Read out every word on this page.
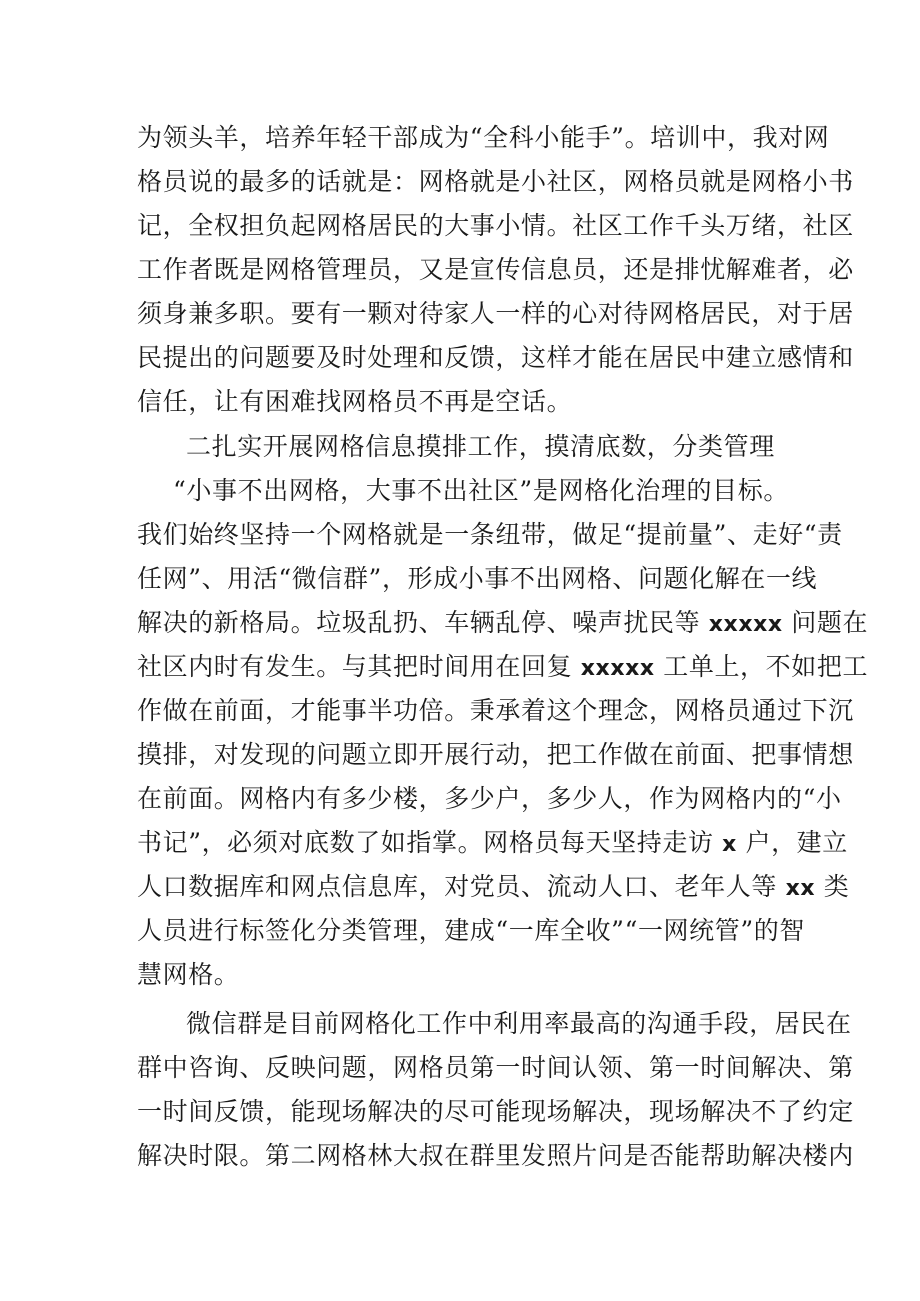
为领头羊，培养年轻干部成为“全科小能手”。培训中，我对网
格员说的最多的话就是：网格就是小社区，网格员就是网格小书
记，全权担负起网格居民的大事小情。社区工作千头万绪，社区
工作者既是网格管理员，又是宣传信息员，还是排忧解难者，必
须身兼多职。要有一颗对待家人一样的心对待网格居民，对于居
民提出的问题要及时处理和反馈，这样才能在居民中建立感情和
信任，让有困难找网格员不再是空话。
二扎实开展网格信息摸排工作，摸清底数，分类管理
“小事不出网格，大事不出社区”是网格化治理的目标。
我们始终坚持一个网格就是一条纽带，做足“提前量”、走好“责
任网”、用活“微信群”，形成小事不出网格、问题化解在一线
解决的新格局。垃圾乱扔、车辆乱停、噪声扰民等 xxxxx 问题在
社区内时有发生。与其把时间用在回复 xxxxx 工单上，不如把工
作做在前面，才能事半功倍。秉承着这个理念，网格员通过下沉
摸排，对发现的问题立即开展行动，把工作做在前面、把事情想
在前面。网格内有多少楼，多少户，多少人，作为网格内的“小
书记”，必须对底数了如指掌。网格员每天坚持走访 x 户，建立
人口数据库和网点信息库，对党员、流动人口、老年人等 xx 类
人员进行标签化分类管理，建成“一库全收”“一网统管”的智
慧网格。
微信群是目前网格化工作中利用率最高的沟通手段，居民在
群中咨询、反映问题，网格员第一时间认领、第一时间解决、第
一时间反馈，能现场解决的尽可能现场解决，现场解决不了约定
解决时限。第二网格林大叔在群里发照片问是否能帮助解决楼内
